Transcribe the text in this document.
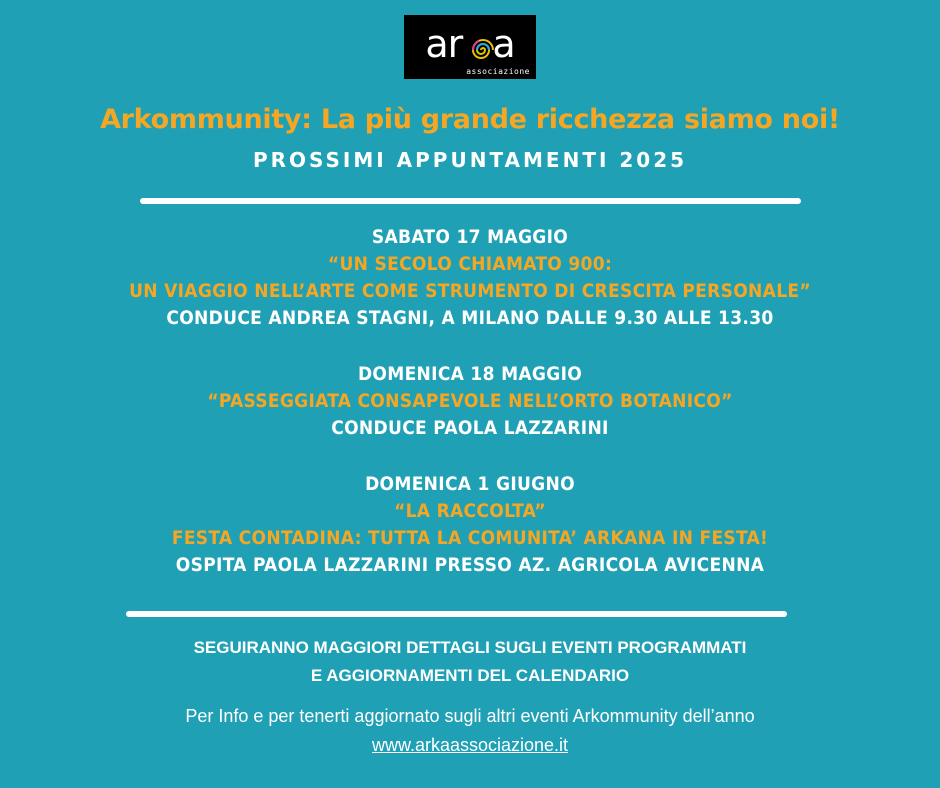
ar a
associazione
Arkommunity: La più grande ricchezza siamo noi!
PROSSIMI APPUNTAMENTI 2025
SABATO 17 MAGGIO
“UN SECOLO CHIAMATO 900:
UN VIAGGIO NELL’ARTE COME STRUMENTO DI CRESCITA PERSONALE”
CONDUCE ANDREA STAGNI, A MILANO DALLE 9.30 ALLE 13.30
DOMENICA 18 MAGGIO
“PASSEGGIATA CONSAPEVOLE NELL’ORTO BOTANICO”
CONDUCE PAOLA LAZZARINI
DOMENICA 1 GIUGNO
“LA RACCOLTA”
FESTA CONTADINA: TUTTA LA COMUNITA’ ARKANA IN FESTA!
OSPITA PAOLA LAZZARINI PRESSO AZ. AGRICOLA AVICENNA
SEGUIRANNO MAGGIORI DETTAGLI SUGLI EVENTI PROGRAMMATI
E AGGIORNAMENTI DEL CALENDARIO
Per Info e per tenerti aggiornato sugli altri eventi Arkommunity dell’anno
www.arkaassociazione.it
